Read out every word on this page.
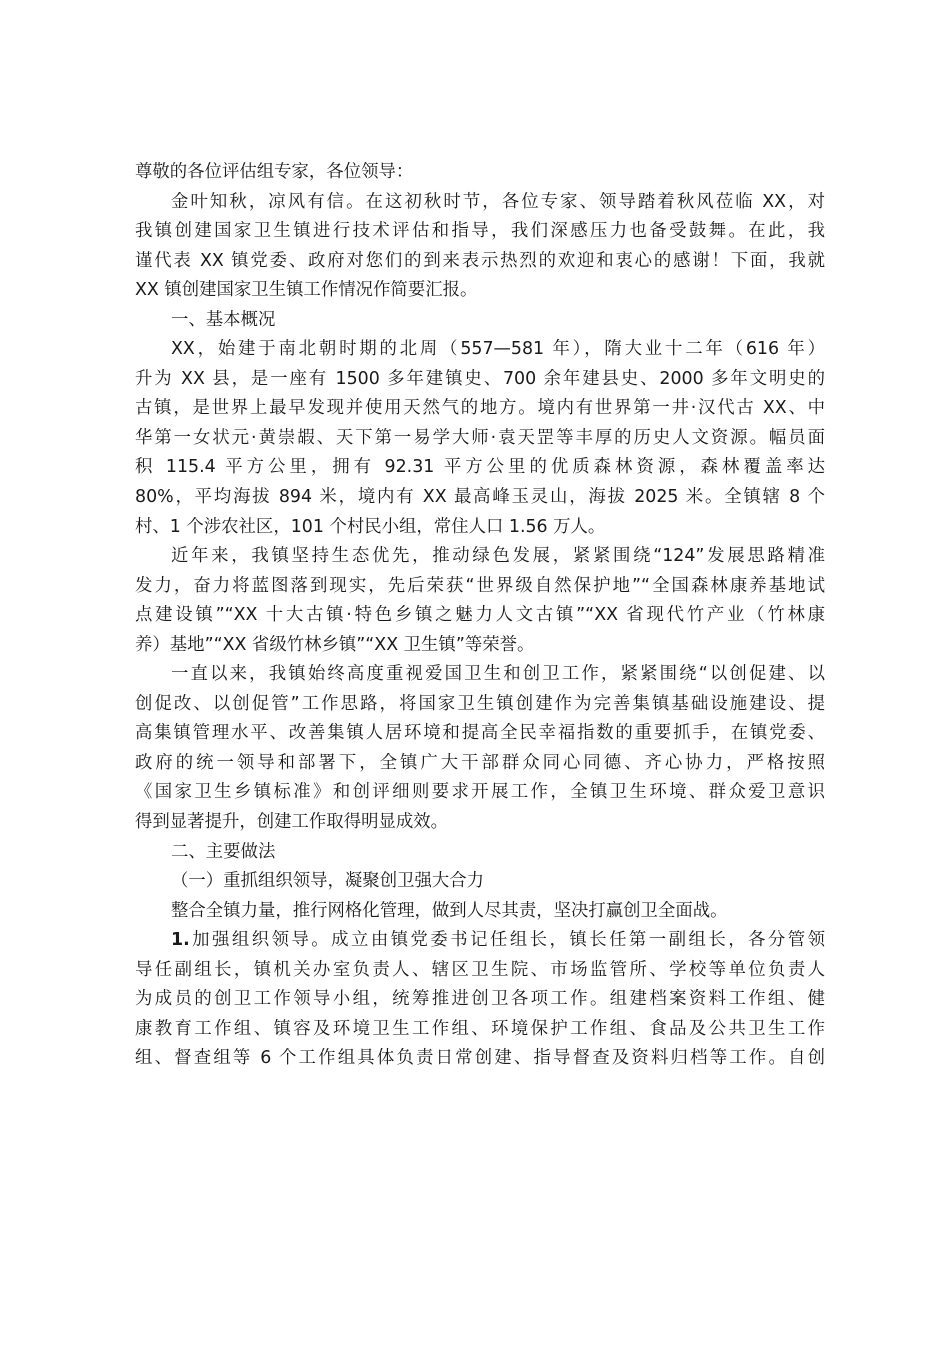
尊敬的各位评估组专家，各位领导：
金叶知秋，凉风有信。在这初秋时节，各位专家、领导踏着秋风莅临 XX，对
我镇创建国家卫生镇进行技术评估和指导，我们深感压力也备受鼓舞。在此，我
谨代表 XX 镇党委、政府对您们的到来表示热烈的欢迎和衷心的感谢！下面，我就
XX 镇创建国家卫生镇工作情况作简要汇报。
一、基本概况
XX，始建于南北朝时期的北周（557—581 年），隋大业十二年（616 年）
升为 XX 县，是一座有 1500 多年建镇史、700 余年建县史、2000 多年文明史的
古镇，是世界上最早发现并使用天然气的地方。境内有世界第一井·汉代古 XX、中
华第一女状元·黄崇嘏、天下第一易学大师·袁天罡等丰厚的历史人文资源。幅员面
积 115.4 平方公里，拥有 92.31 平方公里的优质森林资源，森林覆盖率达
80%，平均海拔 894 米，境内有 XX 最高峰玉灵山，海拔 2025 米。全镇辖 8 个
村、1 个涉农社区，101 个村民小组，常住人口 1.56 万人。
近年来，我镇坚持生态优先，推动绿色发展，紧紧围绕“124”发展思路精准
发力，奋力将蓝图落到现实，先后荣获“世界级自然保护地”“全国森林康养基地试
点建设镇”“XX 十大古镇·特色乡镇之魅力人文古镇”“XX 省现代竹产业（竹林康
养）基地”“XX 省级竹林乡镇”“XX 卫生镇”等荣誉。
一直以来，我镇始终高度重视爱国卫生和创卫工作，紧紧围绕“以创促建、以
创促改、以创促管”工作思路，将国家卫生镇创建作为完善集镇基础设施建设、提
高集镇管理水平、改善集镇人居环境和提高全民幸福指数的重要抓手，在镇党委、
政府的统一领导和部署下，全镇广大干部群众同心同德、齐心协力，严格按照
《国家卫生乡镇标准》和创评细则要求开展工作，全镇卫生环境、群众爱卫意识
得到显著提升，创建工作取得明显成效。
二、主要做法
（一）重抓组织领导，凝聚创卫强大合力
整合全镇力量，推行网格化管理，做到人尽其责，坚决打赢创卫全面战。
1.加强组织领导。成立由镇党委书记任组长，镇长任第一副组长，各分管领
导任副组长，镇机关办室负责人、辖区卫生院、市场监管所、学校等单位负责人
为成员的创卫工作领导小组，统筹推进创卫各项工作。组建档案资料工作组、健
康教育工作组、镇容及环境卫生工作组、环境保护工作组、食品及公共卫生工作
组、督查组等 6 个工作组具体负责日常创建、指导督查及资料归档等工作。自创
